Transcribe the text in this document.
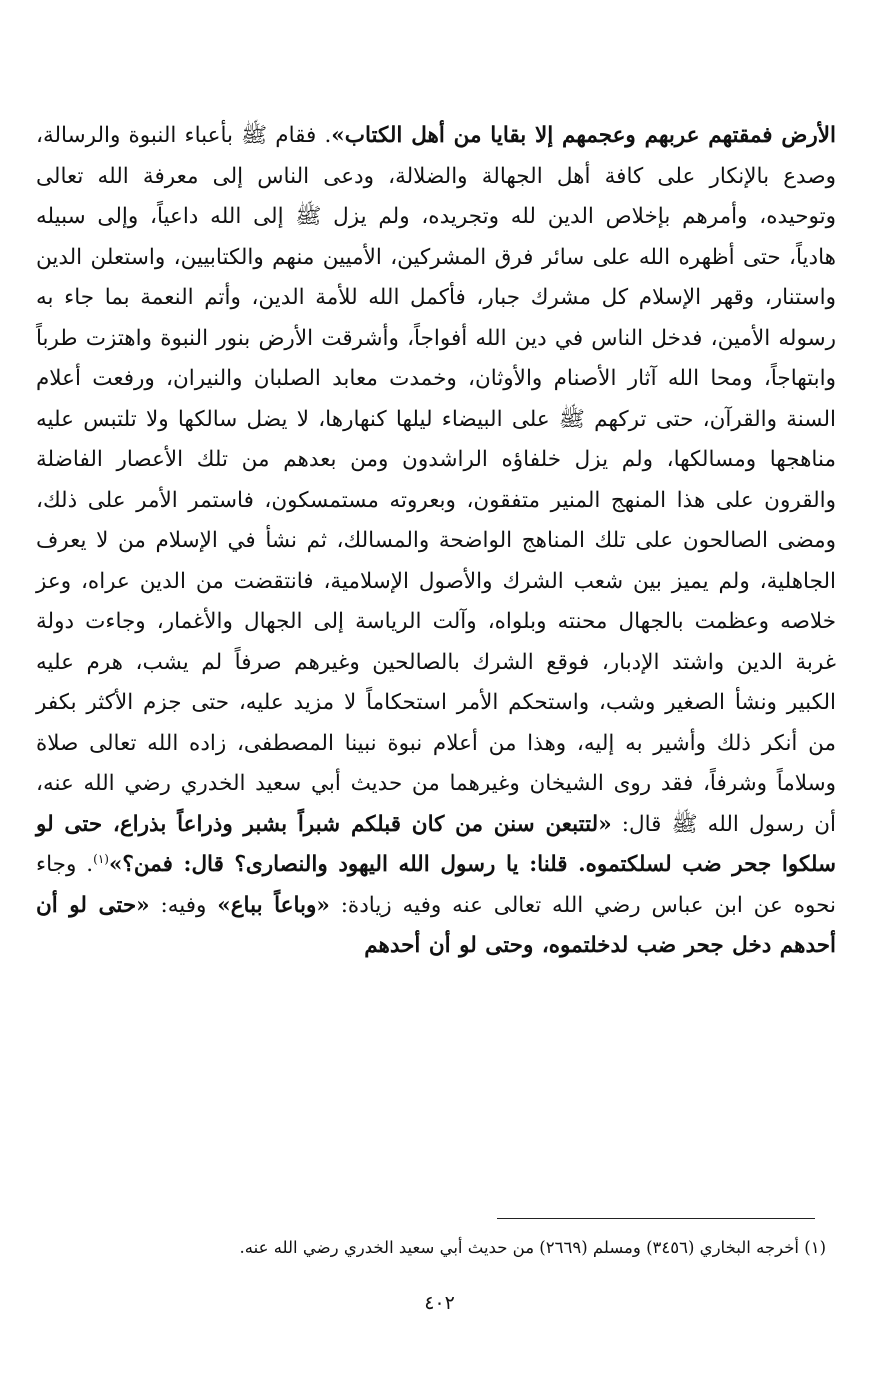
الأرض فمقتهم عربهم وعجمهم إلا بقايا من أهل الكتاب». فقام ﷺ بأعباء النبوة والرسالة، وصدع بالإنكار على كافة أهل الجهالة والضلالة، ودعى الناس إلى معرفة الله تعالى وتوحيده، وأمرهم بإخلاص الدين لله وتجريده، ولم يزل ﷺ إلى الله داعياً، وإلى سبيله هادياً، حتى أظهره الله على سائر فرق المشركين، الأميين منهم والكتابيين، واستعلن الدين واستنار، وقهر الإسلام كل مشرك جبار، فأكمل الله للأمة الدين، وأتم النعمة بما جاء به رسوله الأمين، فدخل الناس في دين الله أفواجاً، وأشرقت الأرض بنور النبوة واهتزت طرباً وابتهاجاً، ومحا الله آثار الأصنام والأوثان، وخمدت معابد الصلبان والنيران، ورفعت أعلام السنة والقرآن، حتى تركهم ﷺ على البيضاء ليلها كنهارها، لا يضل سالكها ولا تلتبس عليه مناهجها ومسالكها، ولم يزل خلفاؤه الراشدون ومن بعدهم من تلك الأعصار الفاضلة والقرون على هذا المنهج المنير متفقون، وبعروته مستمسكون، فاستمر الأمر على ذلك، ومضى الصالحون على تلك المناهج الواضحة والمسالك، ثم نشأ في الإسلام من لا يعرف الجاهلية، ولم يميز بين شعب الشرك والأصول الإسلامية، فانتقضت من الدين عراه، وعز خلاصه وعظمت بالجهال محنته وبلواه، وآلت الرياسة إلى الجهال والأغمار، وجاءت دولة غربة الدين واشتد الإدبار، فوقع الشرك بالصالحين وغيرهم صرفاً لم يشب، هرم عليه الكبير ونشأ الصغير وشب، واستحكم الأمر استحكاماً لا مزيد عليه، حتى جزم الأكثر بكفر من أنكر ذلك وأشير به إليه، وهذا من أعلام نبوة نبينا المصطفى، زاده الله تعالى صلاة وسلاماً وشرفاً، فقد روى الشيخان وغيرهما من حديث أبي سعيد الخدري رضي الله عنه، أن رسول الله ﷺ قال: «لتتبعن سنن من كان قبلكم شبراً بشبر وذراعاً بذراع، حتى لو سلكوا جحر ضب لسلكتموه. قلنا: يا رسول الله اليهود والنصارى؟ قال: فمن؟»$^{(١)}$. وجاء نحوه عن ابن عباس رضي الله تعالى عنه وفيه زيادة: «وباعاً بباع» وفيه: «حتى لو أن أحدهم دخل جحر ضب لدخلتموه، وحتى لو أن أحدهم

(١) أخرجه البخاري (٣٤٥٦) ومسلم (٢٦٦٩) من حديث أبي سعيد الخدري رضي الله عنه.

٤٠٢
